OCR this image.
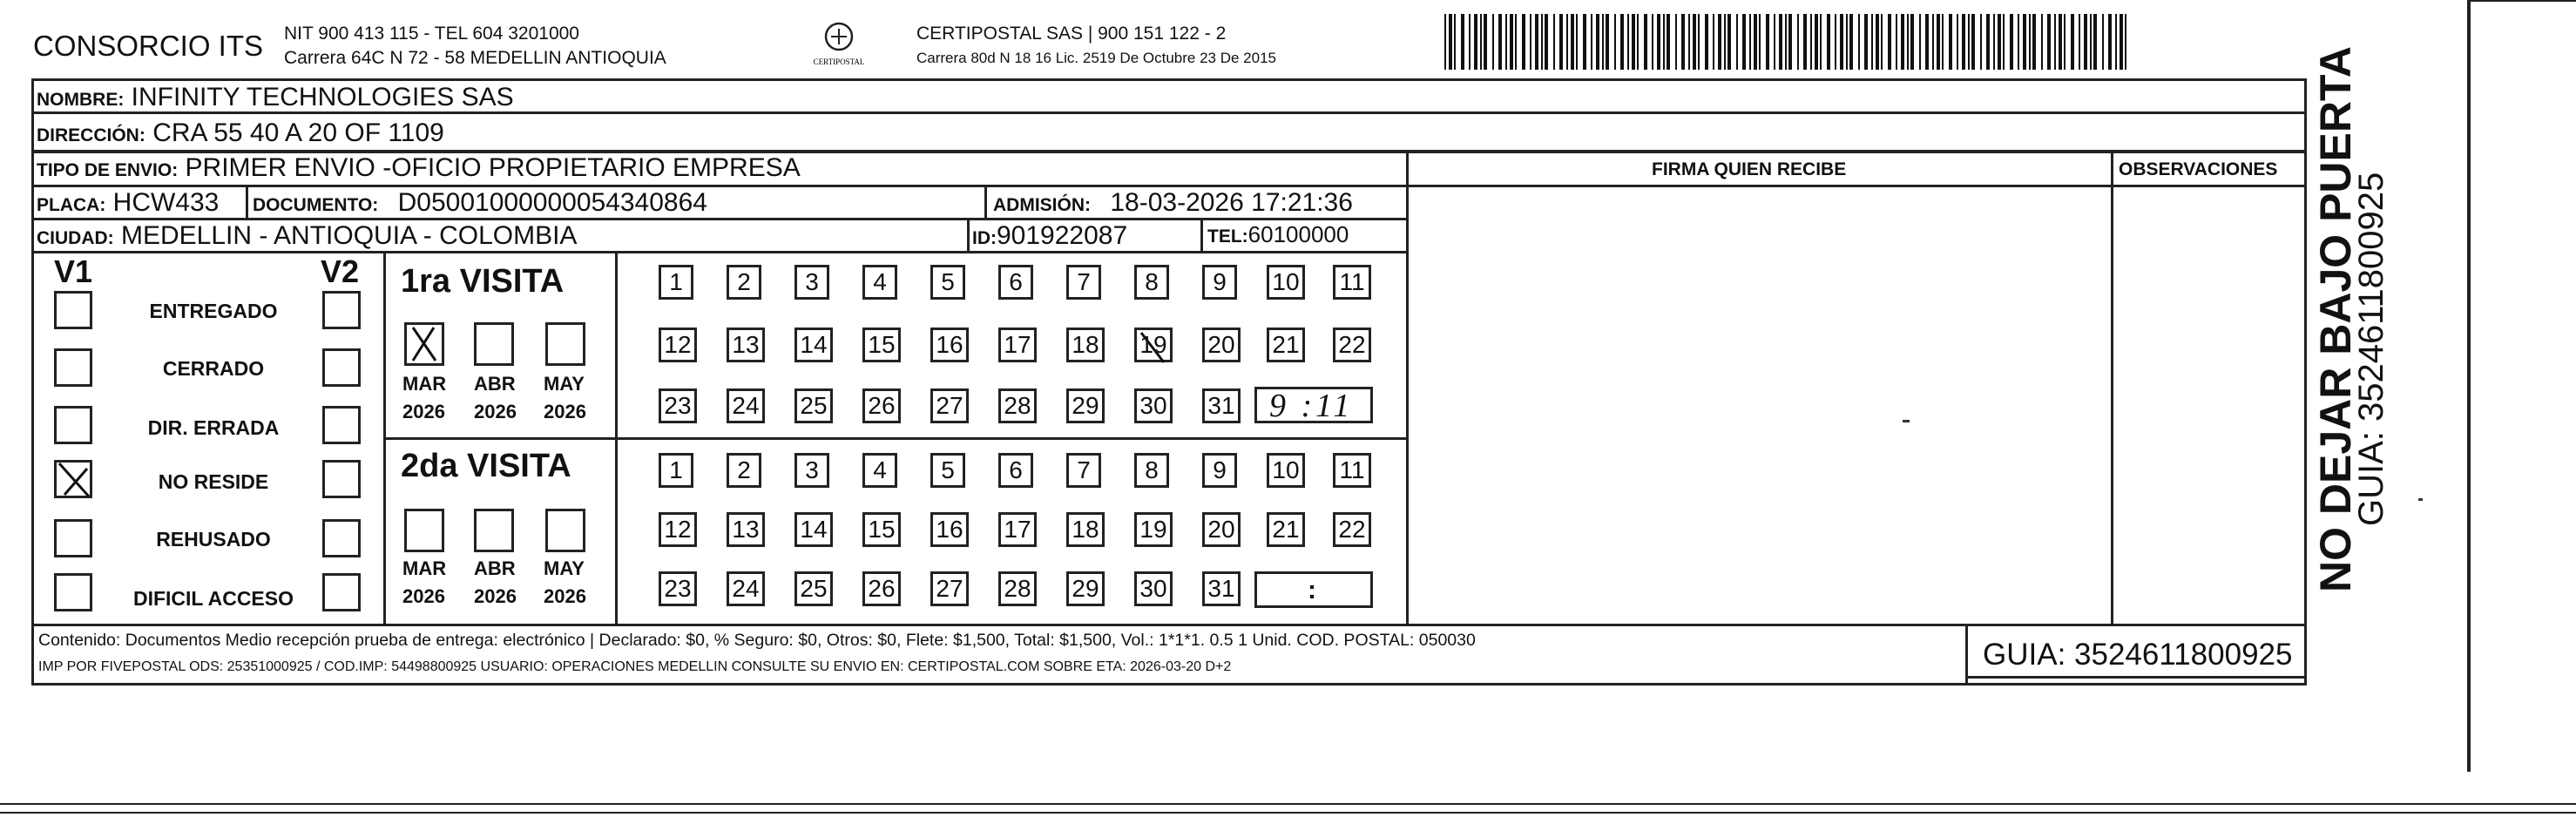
CONSORCIO ITS NIT 900 413 115 - TEL 604 3201000
Carrera 64C N 72 - 58 MEDELLIN ANTIOQUIA	CERTIPOSTAL
CERTIPOSTAL SAS | 900 151 122 - 2
Carrera 80d N 18 16 Lic. 2519 De Octubre 23 De 2015
NOMBRE: INFINITY TECHNOLOGIES SAS
DIRECCIÓN: CRA 55 40 A 20 OF 1109
TIPO DE ENVIO: PRIMER ENVIO -OFICIO PROPIETARIO EMPRESA	FIRMA QUIEN RECIBE	OBSERVACIONES
PLACA: HCW433 DOCUMENTO: D05001000000054340864	ADMISIÓN: 18-03-2026 17:21:36
CIUDAD: MEDELLIN - ANTIOQUIA - COLOMBIA	ID:901922087	TEL:60100000
V1	V2
ENTREGADO
CERRADO
DIR. ERRADA
NO RESIDE
REHUSADO
DIFICIL ACCESO
1ra VISITA
2da VISITA
MAR ABR MAY
2026 2026 2026
MAR ABR MAY
2026 2026 2026
1	2	3	4	5	6	7	8	9	10 11
12 13 14 15 16 17 18 19 20 21 22
23 24 25 26 27 28 29 30 31
1	2	3	4	5	6	7	8	9	10 11
12 13 14 15 16 17 18 19 20 21 22
23 24 25 26 27 28 29 30 31
9 :11
:
Contenido: Documentos Medio recepción prueba de entrega: electrónico | Declarado: $0, % Seguro: $0, Otros: $0, Flete: $1,500, Total: $1,500, Vol.: 1*1*1. 0.5 1 Unid. COD. POSTAL: 050030
IMP POR FIVEPOSTAL ODS: 25351000925 / COD.IMP: 54498800925 USUARIO: OPERACIONES MEDELLIN CONSULTE SU ENVIO EN: CERTIPOSTAL.COM SOBRE ETA: 2026-03-20 D+2	GUIA: 3524611800925
NO DEJAR BAJO PUERTA
GUIA: 3524611800925
